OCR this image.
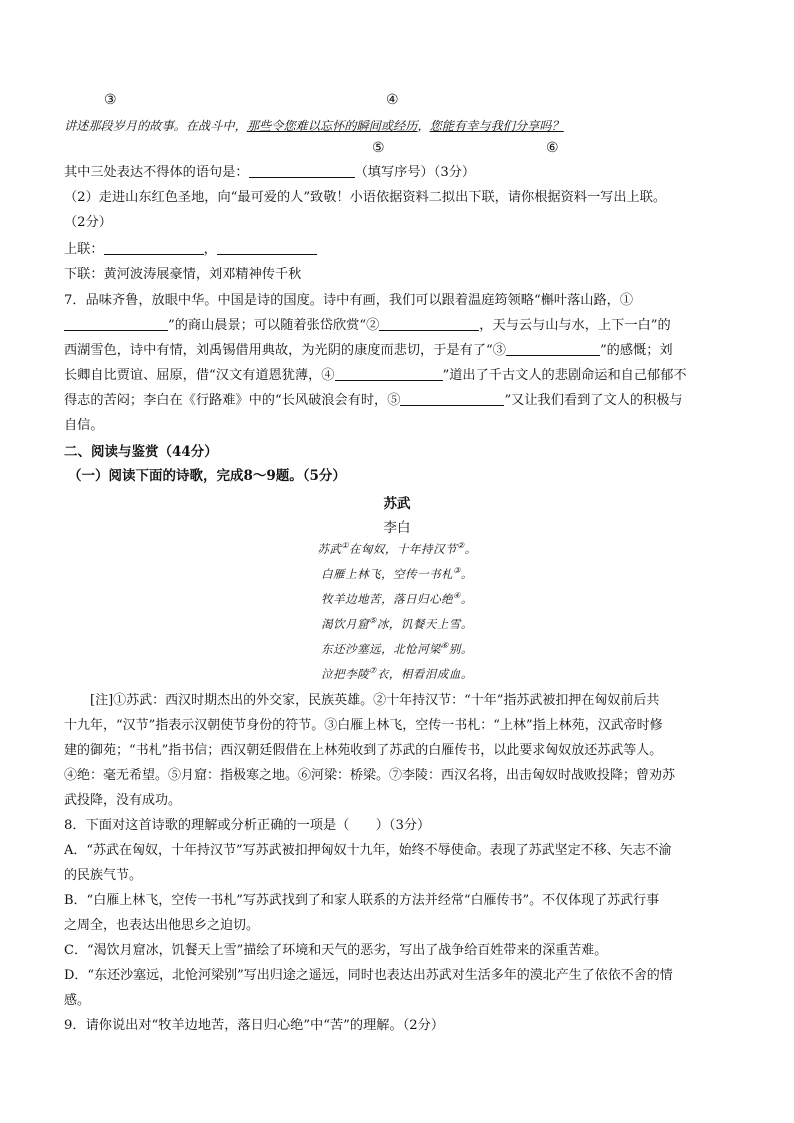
③	④
讲述那段岁月的故事。在战斗中，那些令您难以忘怀的瞬间或经历，您能有幸与我们分享吗？
⑤	⑥
其中三处表达不得体的语句是：	（填写序号）（3分）
（2）走进山东红色圣地，向“最可爱的人”致敬！小语依据资料二拟出下联，请你根据资料一写出上联。
（2分）
上联：	，
下联：黄河波涛展豪情，刘邓精神传千秋
7．品味齐鲁，放眼中华。中国是诗的国度。诗中有画，我们可以跟着温庭筠领略“槲叶落山路，①
”的商山晨景；可以随着张岱欣赏“②	，天与云与山与水，上下一白”的
西湖雪色，诗中有情，刘禹锡借用典故，为光阴的康度而悲切，于是有了“③	”的感慨；刘
长卿自比贾谊、屈原，借“汉文有道恩犹薄，④	”道出了千古文人的悲剧命运和自己郁郁不
得志的苦闷；李白在《行路难》中的“长风破浪会有时，⑤	”又让我们看到了文人的积极与
自信。
二、阅读与鉴赏（44分）
（一）阅读下面的诗歌，完成8～9题。（5分）
苏武
李白
苏武①在匈奴，十年持汉节②。
白雁上林飞，空传一书札③。
牧羊边地苦，落日归心绝④。
渴饮月窟⑤冰，饥餐天上雪。
东还沙塞远，北怆河梁⑥别。
泣把李陵⑦衣，相看泪成血。
[注]①苏武：西汉时期杰出的外交家，民族英雄。②十年持汉节：“十年”指苏武被扣押在匈奴前后共
十九年，“汉节”指表示汉朝使节身份的符节。③白雁上林飞，空传一书札：“上林”指上林苑，汉武帝时修
建的御苑；“书札”指书信；西汉朝廷假借在上林苑收到了苏武的白雁传书，以此要求匈奴放还苏武等人。
④绝：毫无希望。⑤月窟：指极寒之地。⑥河梁：桥梁。⑦李陵：西汉名将，出击匈奴时战败投降；曾劝苏
武投降，没有成功。
8．下面对这首诗歌的理解或分析正确的一项是（　　）（3分）
A．“苏武在匈奴，十年持汉节”写苏武被扣押匈奴十九年，始终不辱使命。表现了苏武坚定不移、矢志不渝
的民族气节。
B．“白雁上林飞，空传一书札”写苏武找到了和家人联系的方法并经常“白雁传书”。不仅体现了苏武行事
之周全，也表达出他思乡之迫切。
C．“渴饮月窟冰，饥餐天上雪”描绘了环境和天气的恶劣，写出了战争给百姓带来的深重苦难。
D．“东还沙塞远，北怆河梁别”写出归途之遥远，同时也表达出苏武对生活多年的漠北产生了依依不舍的情
感。
9．请你说出对“牧羊边地苦，落日归心绝”中“苦”的理解。（2分）
